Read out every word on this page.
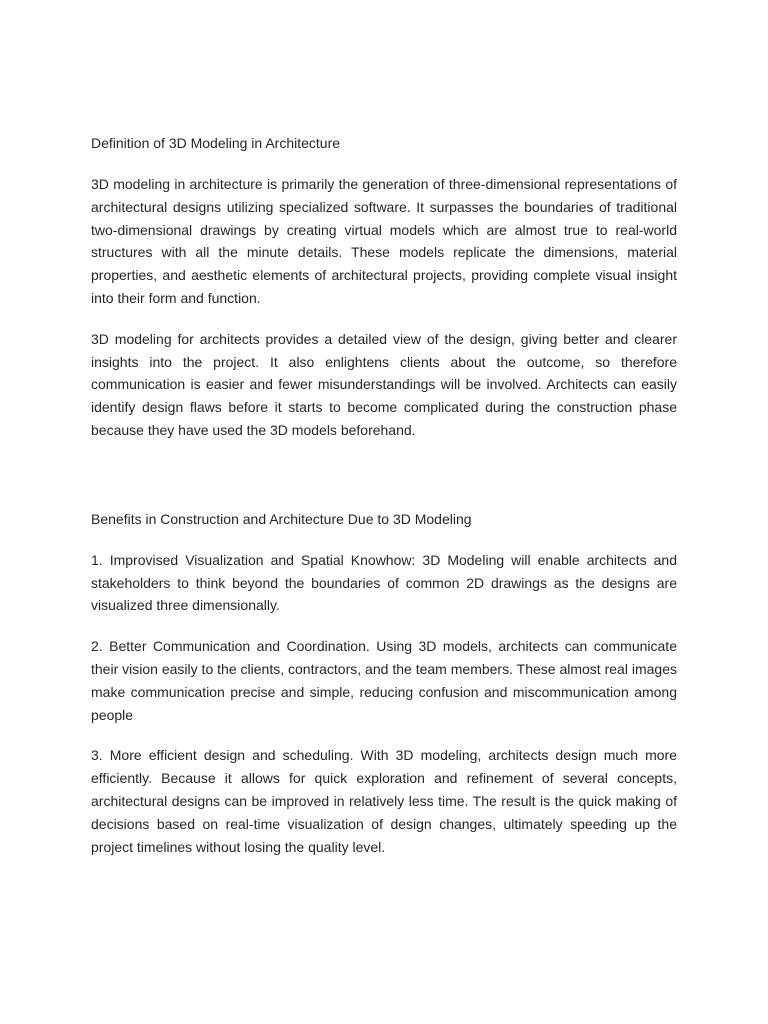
Definition of 3D Modeling in Architecture

3D modeling in architecture is primarily the generation of three-dimensional representations of architectural designs utilizing specialized software. It surpasses the boundaries of traditional two-dimensional drawings by creating virtual models which are almost true to real-world structures with all the minute details. These models replicate the dimensions, material properties, and aesthetic elements of architectural projects, providing complete visual insight into their form and function.

3D modeling for architects provides a detailed view of the design, giving better and clearer insights into the project. It also enlightens clients about the outcome, so therefore communication is easier and fewer misunderstandings will be involved. Architects can easily identify design flaws before it starts to become complicated during the construction phase because they have used the 3D models beforehand.

Benefits in Construction and Architecture Due to 3D Modeling

1. Improvised Visualization and Spatial Knowhow: 3D Modeling will enable architects and stakeholders to think beyond the boundaries of common 2D drawings as the designs are visualized three dimensionally.

2. Better Communication and Coordination. Using 3D models, architects can communicate their vision easily to the clients, contractors, and the team members. These almost real images make communication precise and simple, reducing confusion and miscommunication among people

3. More efficient design and scheduling. With 3D modeling, architects design much more efficiently. Because it allows for quick exploration and refinement of several concepts, architectural designs can be improved in relatively less time. The result is the quick making of decisions based on real-time visualization of design changes, ultimately speeding up the project timelines without losing the quality level.
